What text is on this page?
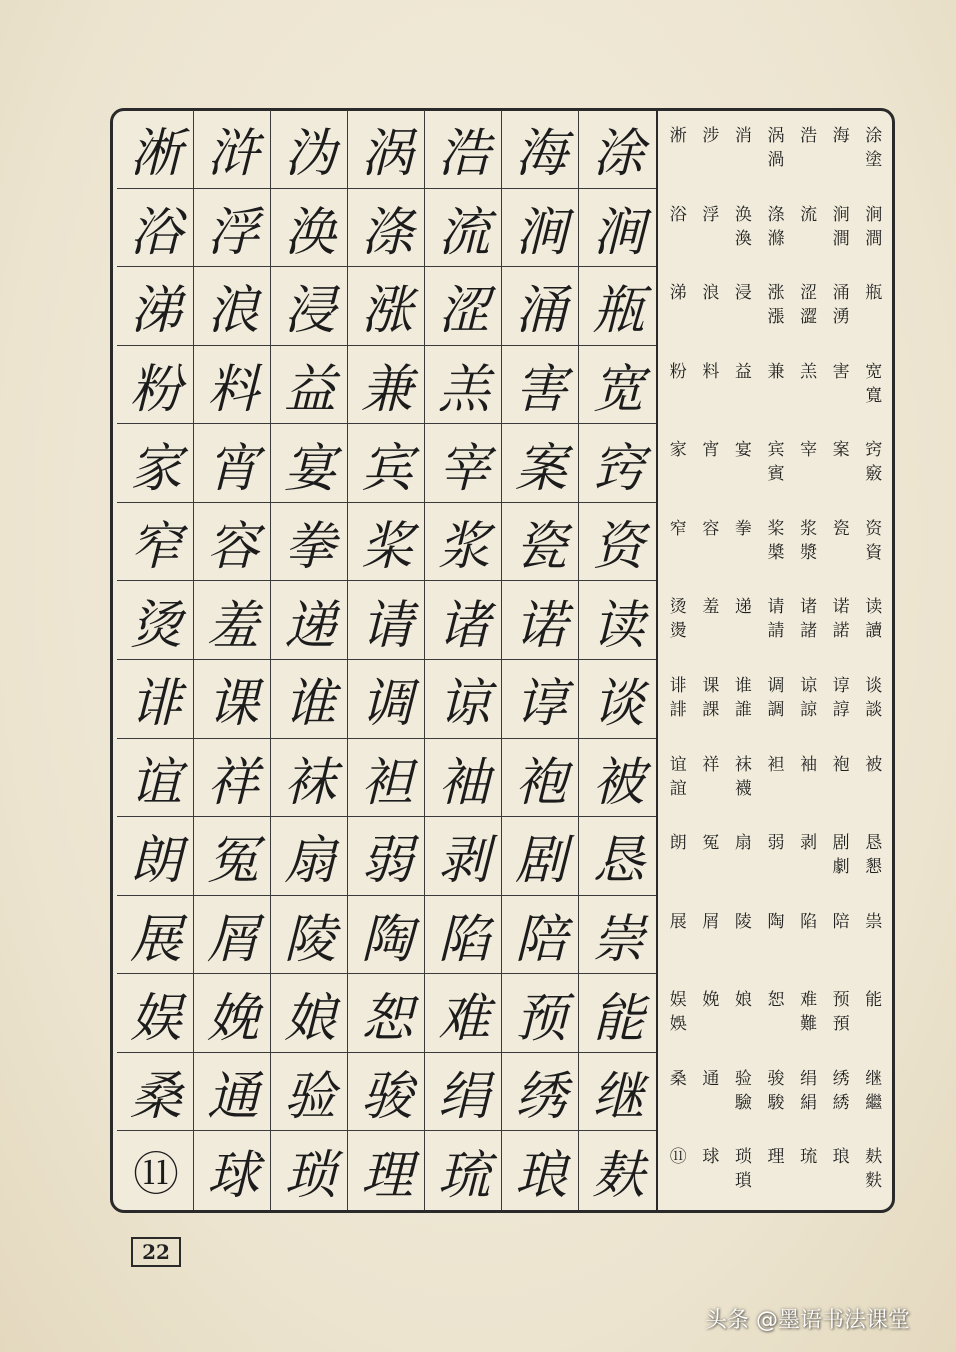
淅 浒 沩 涡 浩 海 涂
浴 浮 涣 涤 流 涧 涧
涕 浪 浸 涨 涩 涌 瓶
粉 料 益 兼 羔 害 宽
家 宵 宴 宾 宰 案 窍
窄 容 拳 桨 浆 瓷 资
烫 羞 递 请 诸 诺 读
诽 课 谁 调 谅 谆 谈
谊 祥 袜 袒 袖 袍 被
朗 冤 扇 弱 剥 剧 恳
展 屑 陵 陶 陷 陪 崇
娱 娩 娘 恕 难 预 能
桑 通 验 骏 绢 绣 继
⑪ 球 琐 理 琉 琅 麸
淅 涉 消 涡
渦
浩 海 涂
塗
浴 浮 涣
渙
涤
滌
流 涧
澗
涧
澗
涕 浪 浸 涨
漲
涩
澀
涌
湧
瓶
粉 料 益 兼 羔 害 宽
寬
家 宵 宴 宾
賓
宰 案 窍
竅
窄 容 拳 桨
槳
浆
漿
瓷 资
資
烫
燙
羞 递 请
請
诸
諸
诺
諾
读
讀
诽
誹
课
課
谁
誰
调
調
谅
諒
谆
諄
谈
談
谊
誼
祥 袜
襪
袒 袖 袍 被
朗 冤 扇 弱 剥 剧
劇
恳
懇
展 屑 陵 陶 陷 陪 祟
娱
娛
娩 娘 恕 难
難
预
預
能
桑 通 验
驗
骏
駿
绢
絹
绣
綉
继
繼
⑪ 球 琐
瑣
理 琉 琅 麸
麩
22
头条 @墨语书法课堂
